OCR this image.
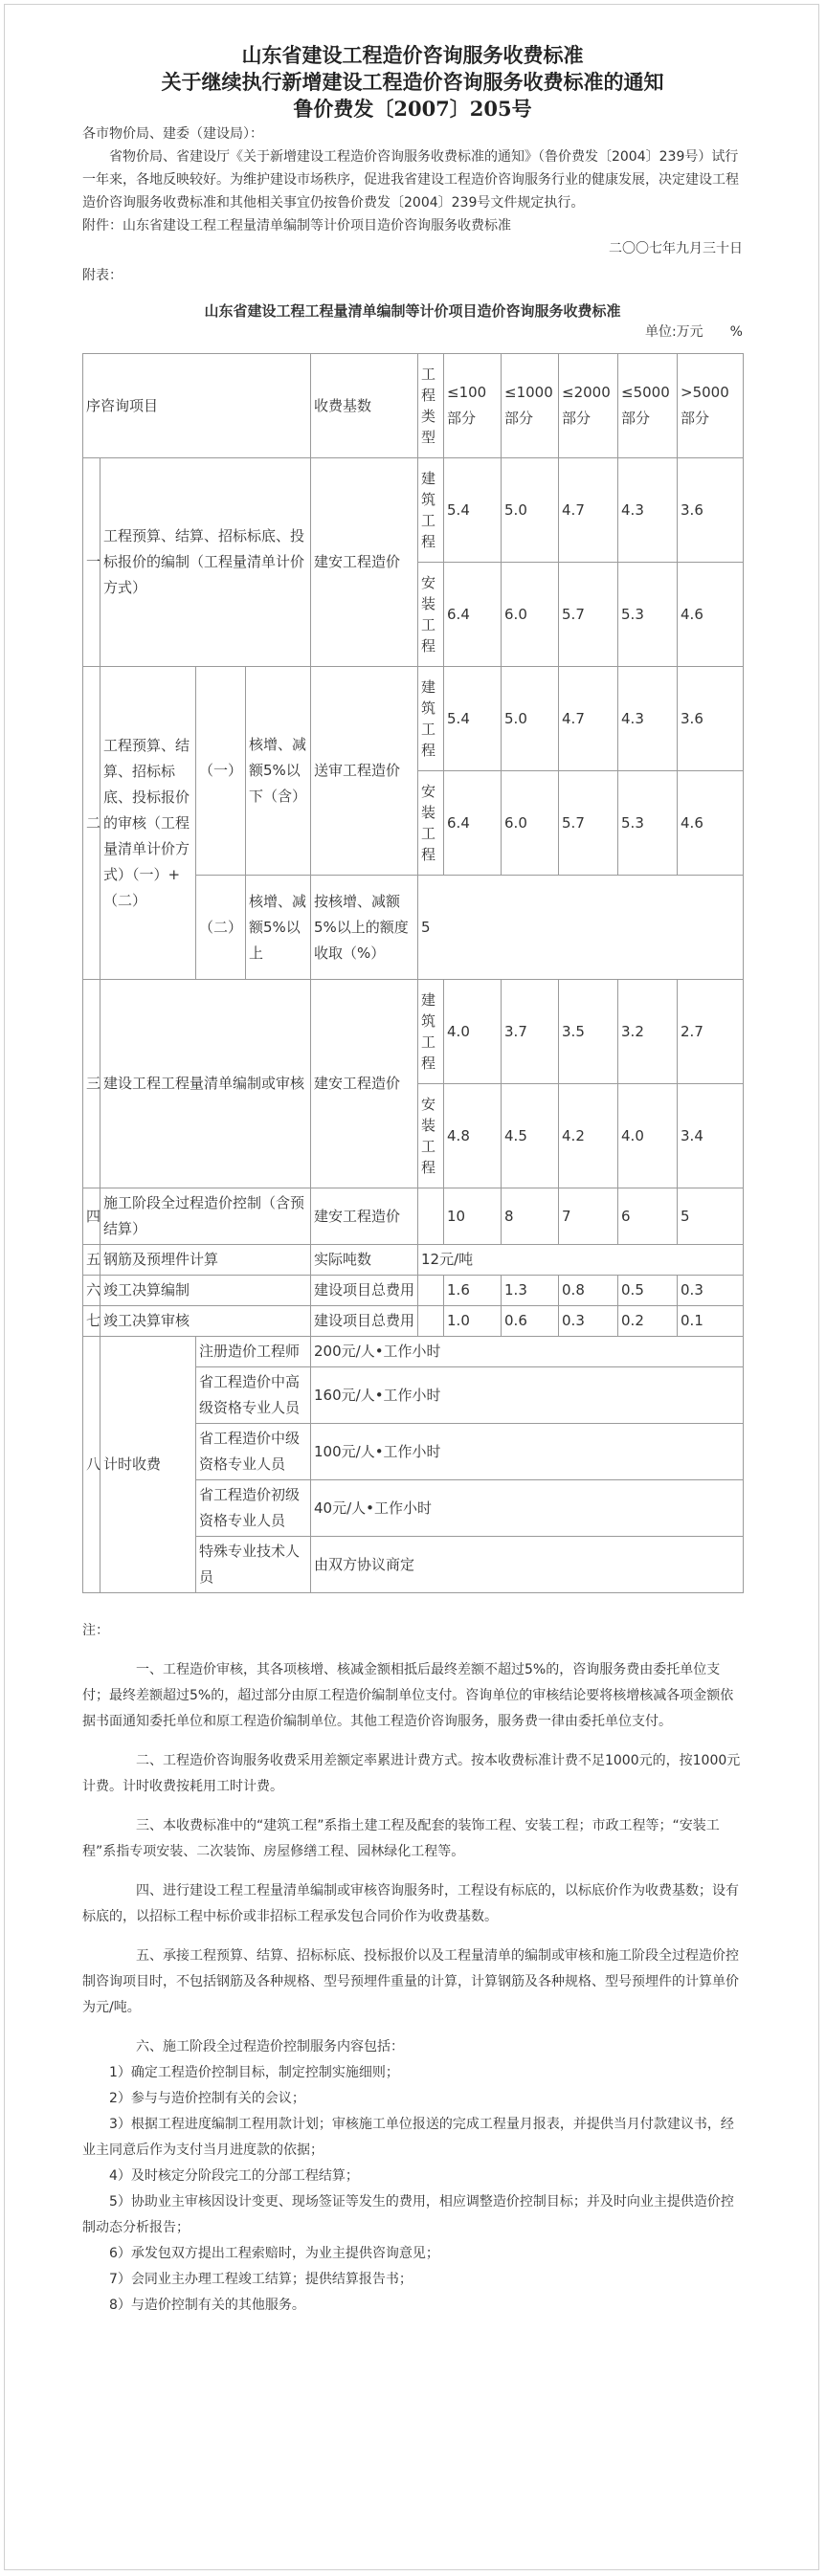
山东省建设工程造价咨询服务收费标准
关于继续执行新增建设工程造价咨询服务收费标准的通知
鲁价费发〔2007〕205号

各市物价局、建委（建设局）：

省物价局、省建设厅《关于新增建设工程造价咨询服务收费标准的通知》（鲁价费发〔2004〕239号）试行一年来，各地反映较好。为维护建设市场秩序，促进我省建设工程造价咨询服务行业的健康发展，决定建设工程造价咨询服务收费标准和其他相关事宜仍按鲁价费发〔2004〕239号文件规定执行。

附件：山东省建设工程工程量清单编制等计价项目造价咨询服务收费标准

二〇〇七年九月三十日

附表：

山东省建设工程工程量清单编制等计价项目造价咨询服务收费标准
单位:万元　　%
序咨询项目				收费基数	工程类型	≤100部分	≤1000部分	≤2000部分	≤5000部分	>5000部分
一	工程预算、结算、招标标底、投标报价的编制（工程量清单计价方式）			建安工程造价	建筑工程	5.4	5.0	4.7	4.3	3.6
					安装工程	6.4	6.0	5.7	5.3	4.6
二	工程预算、结算、招标标底、投标报价的审核（工程量清单计价方式）（一）+（二）	（一）	核增、减额5%以下（含）	送审工程造价	建筑工程	5.4	5.0	4.7	4.3	3.6
					安装工程	6.4	6.0	5.7	5.3	4.6
		（二）	核增、减额5%以上	按核增、减额5%以上的额度收取（%）	5					
三	建设工程工程量清单编制或审核			建安工程造价	建筑工程	4.0	3.7	3.5	3.2	2.7
					安装工程	4.8	4.5	4.2	4.0	3.4
四	施工阶段全过程造价控制（含预结算）			建安工程造价		10	8	7	6	5
五	钢筋及预埋件计算			实际吨数	12元/吨					
六	竣工决算编制			建设项目总费用		1.6	1.3	0.8	0.5	0.3
七	竣工决算审核			建设项目总费用		1.0	0.6	0.3	0.2	0.1
八	计时收费	注册造价工程师		200元/人•工作小时						
		省工程造价中高级资格专业人员		160元/人•工作小时						
		省工程造价中级资格专业人员		100元/人•工作小时						
		省工程造价初级资格专业人员		40元/人•工作小时						
		特殊专业技术人员		由双方协议商定						

注：

一、工程造价审核，其各项核增、核减金额相抵后最终差额不超过5%的，咨询服务费由委托单位支付；最终差额超过5%的，超过部分由原工程造价编制单位支付。咨询单位的审核结论要将核增核减各项金额依据书面通知委托单位和原工程造价编制单位。其他工程造价咨询服务，服务费一律由委托单位支付。

二、工程造价咨询服务收费采用差额定率累进计费方式。按本收费标准计费不足1000元的，按1000元计费。计时收费按耗用工时计费。

三、本收费标准中的“建筑工程”系指土建工程及配套的装饰工程、安装工程；市政工程等；“安装工程”系指专项安装、二次装饰、房屋修缮工程、园林绿化工程等。

四、进行建设工程工程量清单编制或审核咨询服务时，工程设有标底的，以标底价作为收费基数；设有标底的，以招标工程中标价或非招标工程承发包合同价作为收费基数。

五、承接工程预算、结算、招标标底、投标报价以及工程量清单的编制或审核和施工阶段全过程造价控制咨询项目时，不包括钢筋及各种规格、型号预埋件重量的计算，计算钢筋及各种规格、型号预埋件的计算单价为元/吨。

六、施工阶段全过程造价控制服务内容包括：

1）确定工程造价控制目标，制定控制实施细则；

2）参与与造价控制有关的会议；

3）根据工程进度编制工程用款计划；审核施工单位报送的完成工程量月报表，并提供当月付款建议书，经业主同意后作为支付当月进度款的依据；

4）及时核定分阶段完工的分部工程结算；

5）协助业主审核因设计变更、现场签证等发生的费用，相应调整造价控制目标；并及时向业主提供造价控制动态分析报告；

6）承发包双方提出工程索赔时，为业主提供咨询意见；

7）会同业主办理工程竣工结算；提供结算报告书；

8）与造价控制有关的其他服务。
